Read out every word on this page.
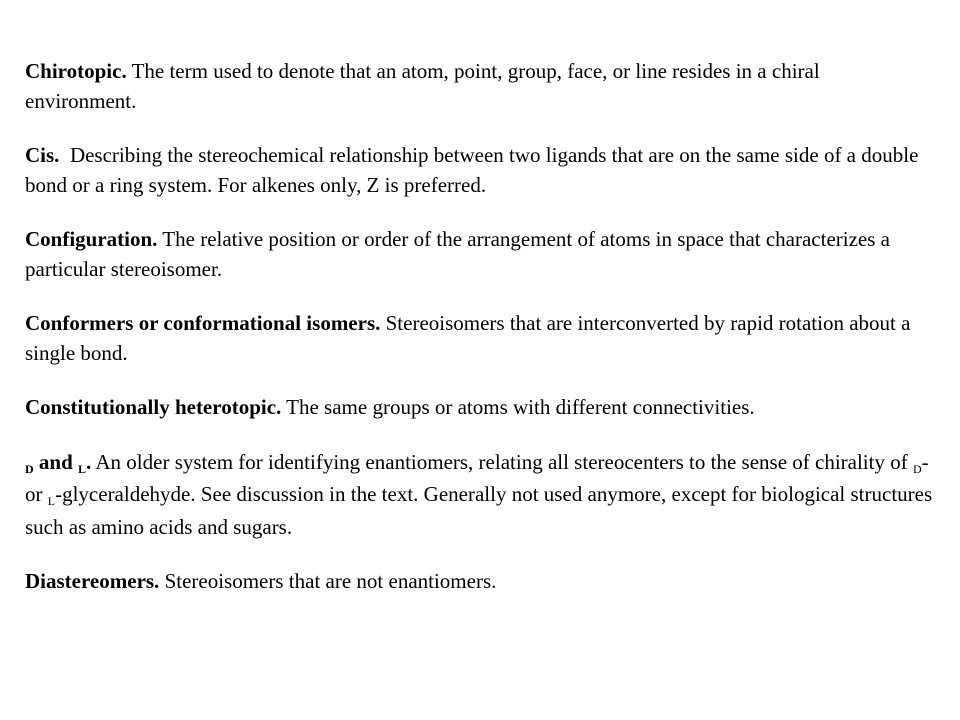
Chirotopic. The term used to denote that an atom, point, group, face, or line resides in a chiral environment.

Cis.  Describing the stereochemical relationship between two ligands that are on the same side of a double bond or a ring system. For alkenes only, Z is preferred.

Configuration. The relative position or order of the arrangement of atoms in space that characterizes a particular stereoisomer.

Conformers or conformational isomers. Stereoisomers that are interconverted by rapid rotation about a single bond.

Constitutionally heterotopic. The same groups or atoms with different connectivities.

D and L. An older system for identifying enantiomers, relating all stereocenters to the sense of chirality of D- or L-glyceraldehyde. See discussion in the text. Generally not used anymore, except for biological structures such as amino acids and sugars.

Diastereomers. Stereoisomers that are not enantiomers.
